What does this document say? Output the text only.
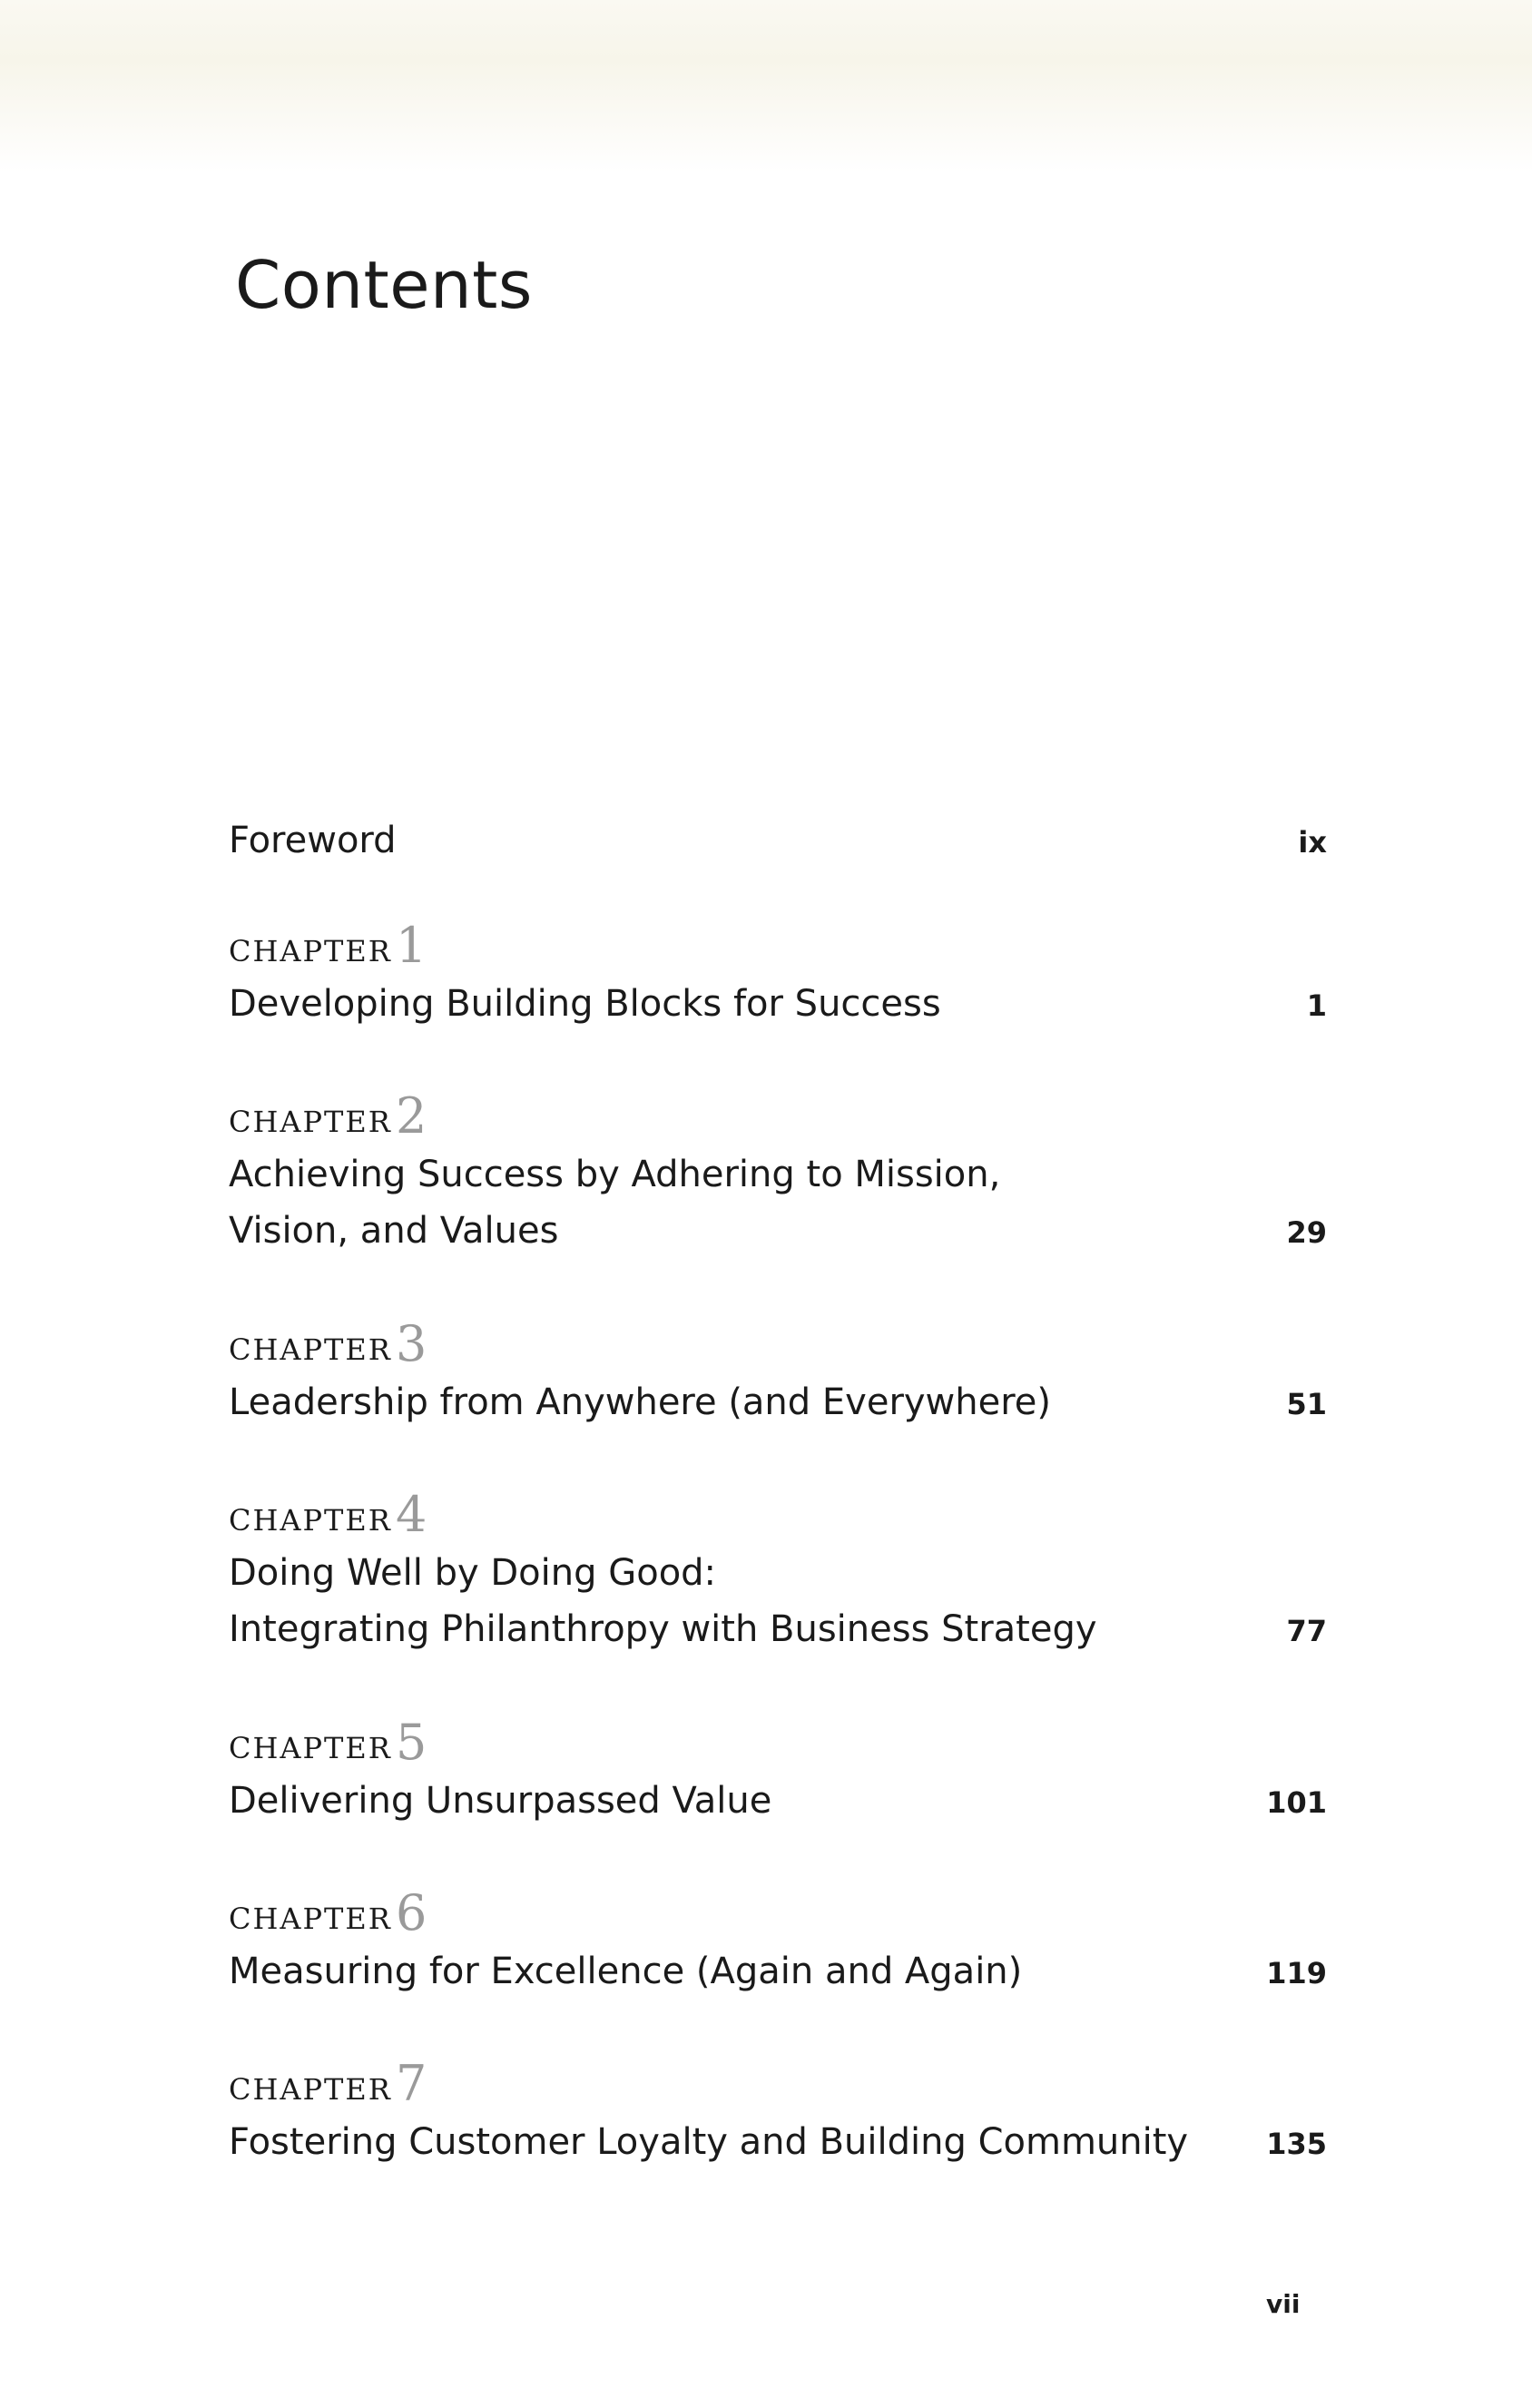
Contents
Foreword	ix
CHAPTER 1
Developing Building Blocks for Success	1
CHAPTER 2
Achieving Success by Adhering to Mission,
Vision, and Values	29
CHAPTER 3
Leadership from Anywhere (and Everywhere)	51
CHAPTER 4
Doing Well by Doing Good:
Integrating Philanthropy with Business Strategy	77
CHAPTER 5
Delivering Unsurpassed Value	101
CHAPTER 6
Measuring for Excellence (Again and Again)	119
CHAPTER 7
Fostering Customer Loyalty and Building Community	135
vii
